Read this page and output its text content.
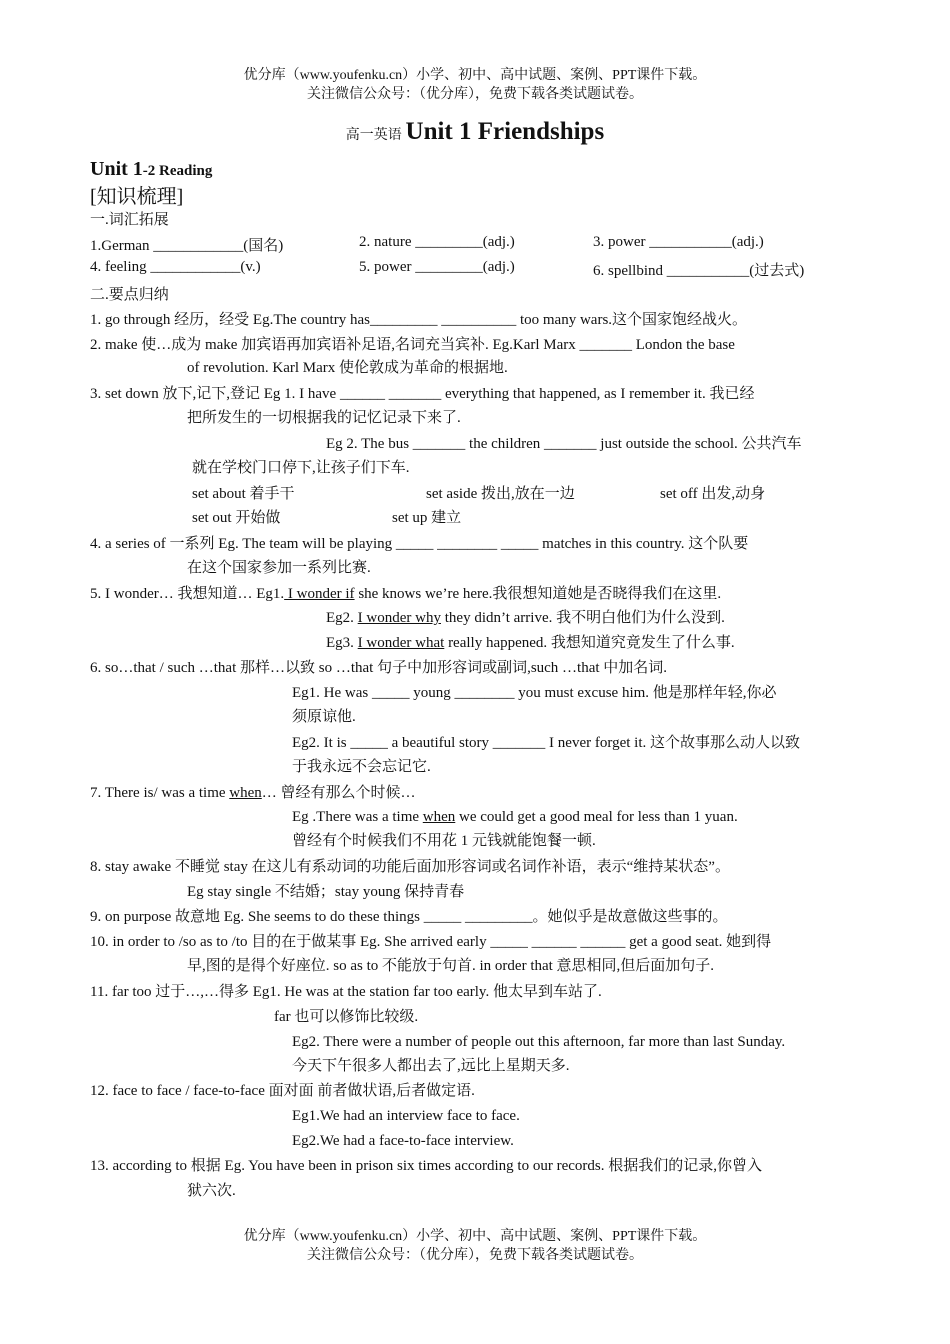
优分库（www.youfenku.cn）小学、初中、高中试题、案例、PPT课件下载。
关注微信公众号：（优分库），免费下载各类试题试卷。
高一英语 Unit 1 Friendships
Unit 1-2 Reading
[知识梳理]
一.词汇拓展
1.German ____________(国名)	2. nature _________(adj.)	3. power ___________(adj.)
4. feeling ____________(v.)	5. power _________(adj.)	6. spellbind ___________(过去式)
二.要点归纳
1. go through 经历，经受 Eg.The country has_________ __________ too many wars.这个国家饱经战火。
2. make 使…成为 make 加宾语再加宾语补足语,名词充当宾补. Eg.Karl Marx _______ London the base
of revolution. Karl Marx 使伦敦成为革命的根据地.
3. set down 放下,记下,登记 Eg 1. I have ______ _______ everything that happened, as I remember it. 我已经
把所发生的一切根据我的记忆记录下来了.
Eg 2. The bus _______ the children _______ just outside the school. 公共汽车
就在学校门口停下,让孩子们下车.
set about 着手干	set aside 拨出,放在一边	set off 出发,动身
set out 开始做	set up 建立
4. a series of 一系列 Eg. The team will be playing _____ ________ _____ matches in this country. 这个队要
在这个国家参加一系列比赛.
5. I wonder… 我想知道… Eg1. I wonder if she knows we’re here.我很想知道她是否晓得我们在这里.
Eg2. I wonder why they didn’t arrive. 我不明白他们为什么没到.
Eg3. I wonder what really happened. 我想知道究竟发生了什么事.
6. so…that / such …that 那样…以致 so …that 句子中加形容词或副词,such …that 中加名词.
Eg1. He was _____ young ________ you must excuse him. 他是那样年轻,你必
须原谅他.
Eg2. It is _____ a beautiful story _______ I never forget it. 这个故事那么动人以致
于我永远不会忘记它.
7. There is/ was a time when… 曾经有那么个时候…
Eg .There was a time when we could get a good meal for less than 1 yuan.
曾经有个时候我们不用花 1 元钱就能饱餐一顿.
8. stay awake 不睡觉 stay 在这儿有系动词的功能后面加形容词或名词作补语，表示“维持某状态”。
Eg stay single 不结婚；stay young 保持青春
9. on purpose 故意地 Eg. She seems to do these things _____ _________。她似乎是故意做这些事的。
10. in order to /so as to /to 目的在于做某事 Eg. She arrived early _____ ______ ______ get a good seat. 她到得
早,图的是得个好座位. so as to 不能放于句首. in order that 意思相同,但后面加句子.
11. far too 过于…,…得多 Eg1. He was at the station far too early. 他太早到车站了.
far 也可以修饰比较级.
Eg2. There were a number of people out this afternoon, far more than last Sunday.
今天下午很多人都出去了,远比上星期天多.
12. face to face / face-to-face 面对面 前者做状语,后者做定语.
Eg1.We had an interview face to face.
Eg2.We had a face-to-face interview.
13. according to 根据 Eg. You have been in prison six times according to our records. 根据我们的记录,你曾入
狱六次.
优分库（www.youfenku.cn）小学、初中、高中试题、案例、PPT课件下载。
关注微信公众号：（优分库），免费下载各类试题试卷。
